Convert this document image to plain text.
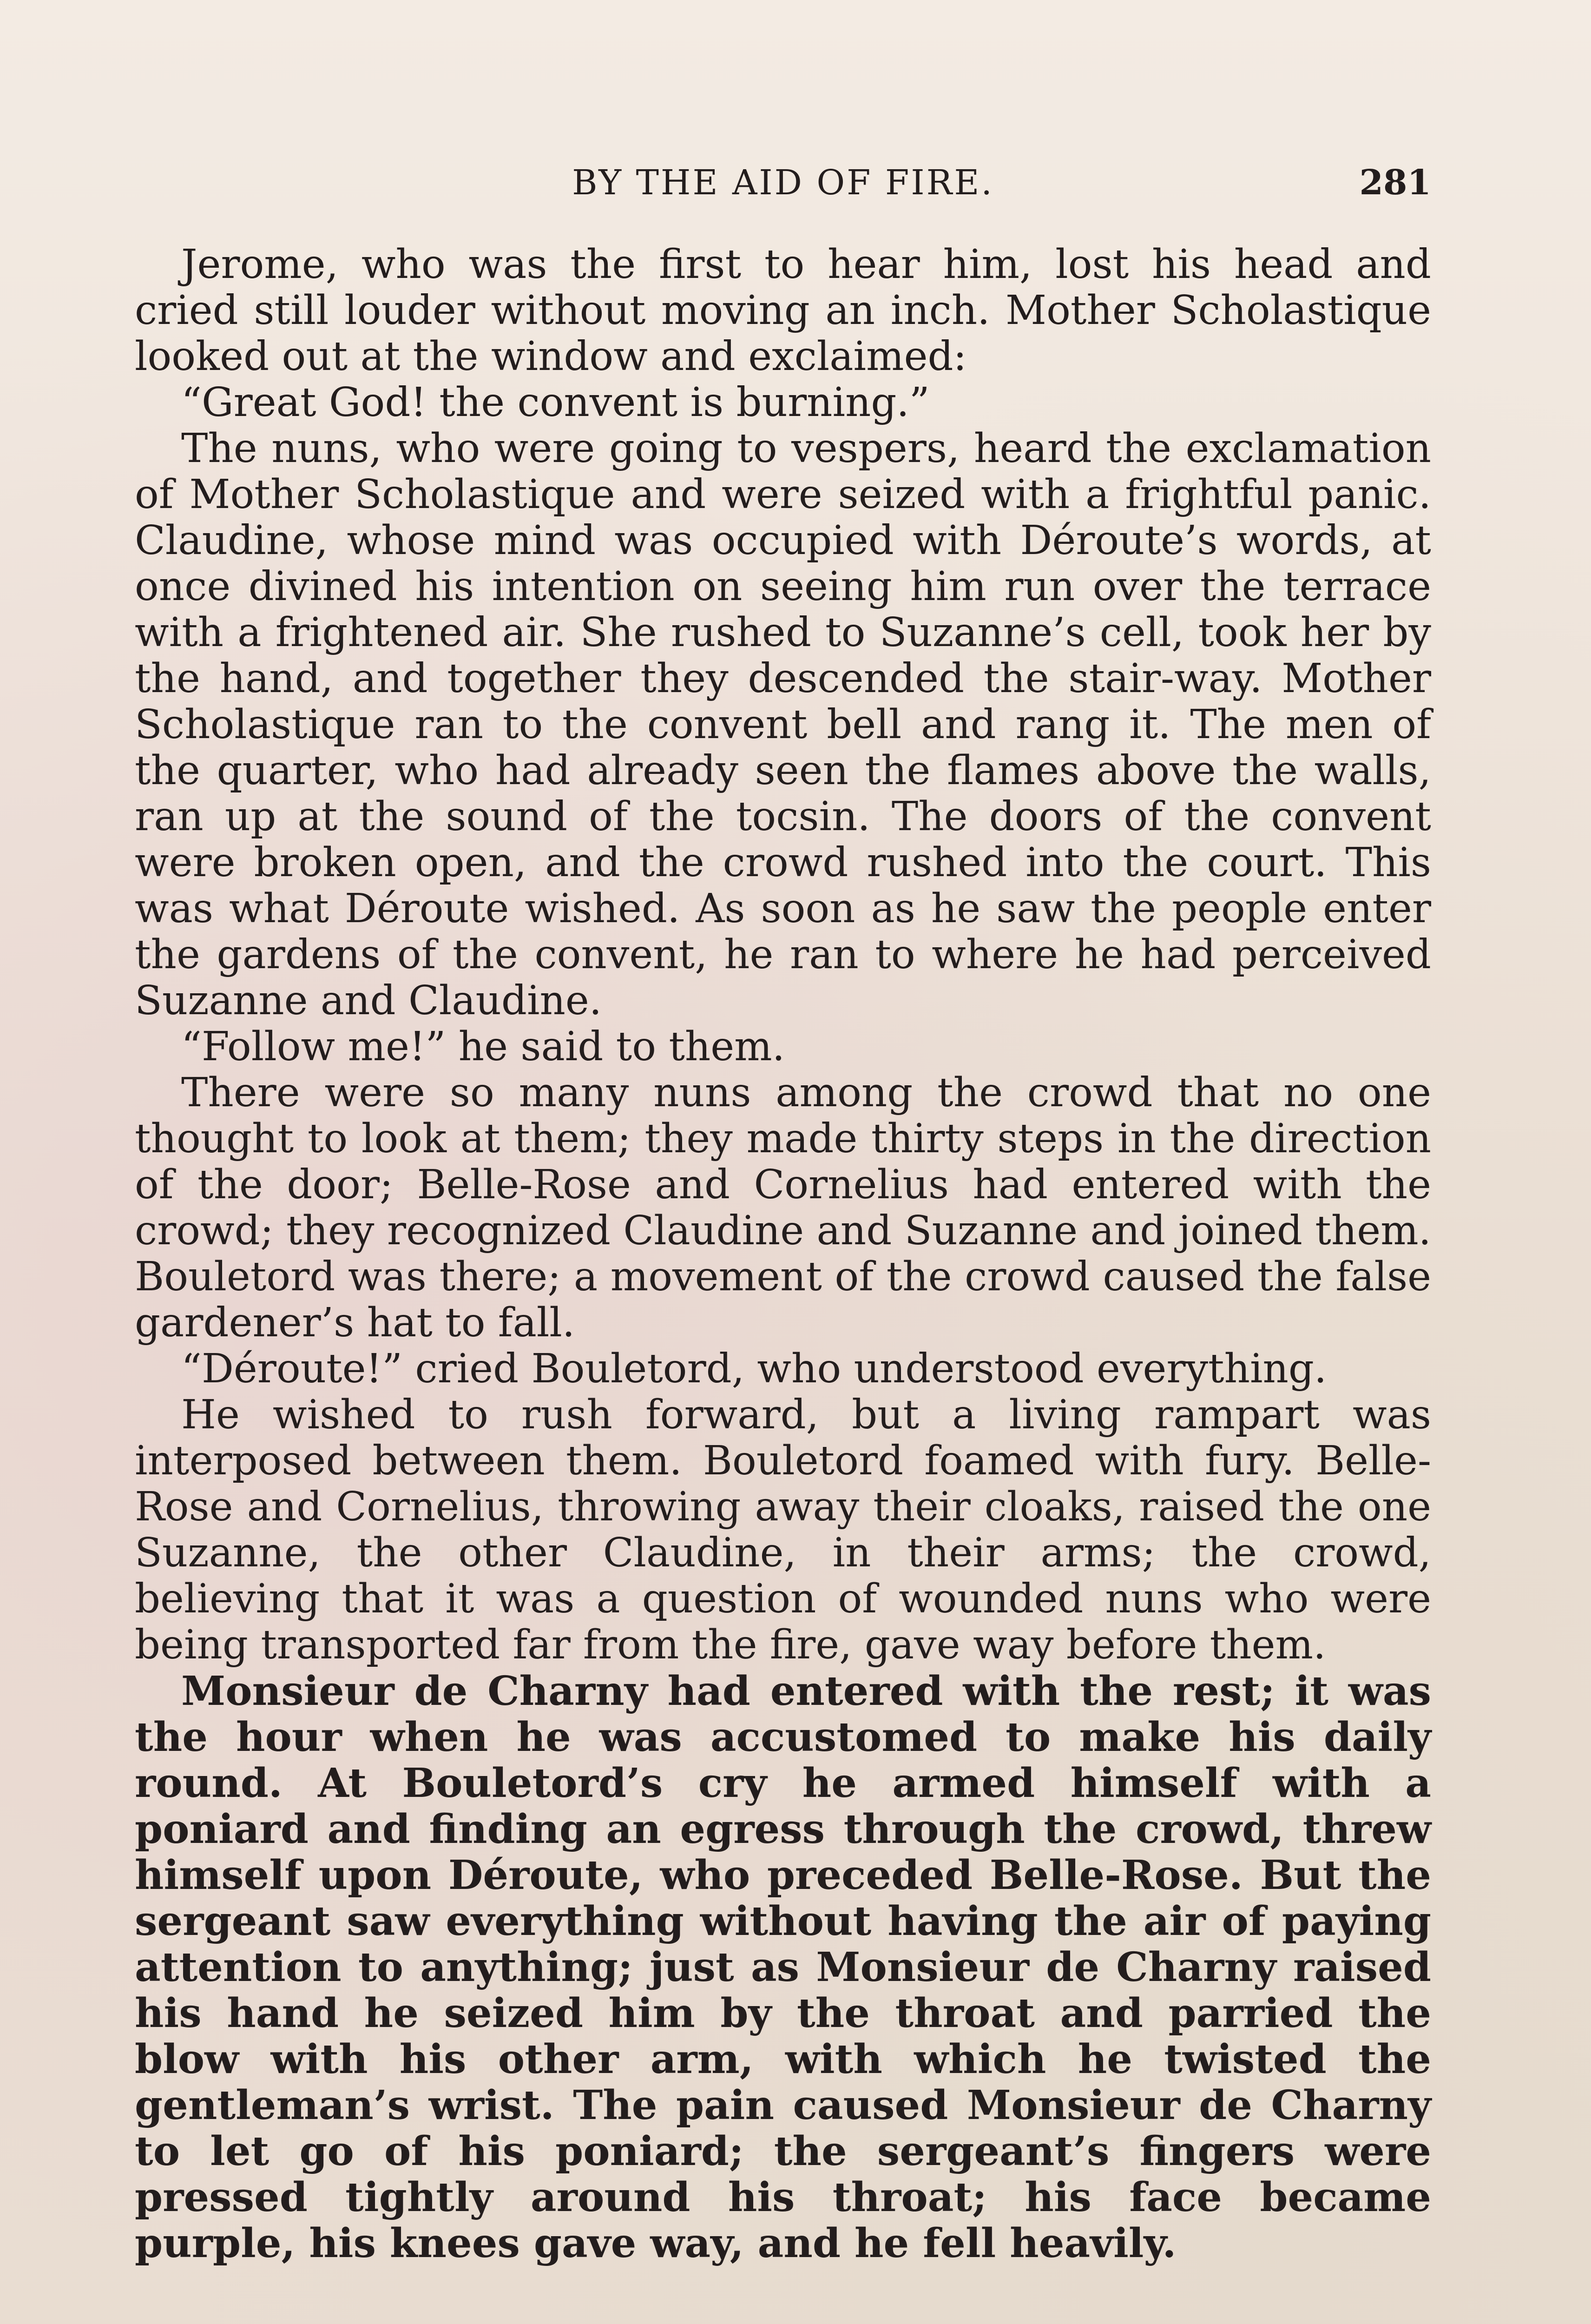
BY THE AID OF FIRE.	281

Jerome, who was the first to hear him, lost his head and cried still louder without moving an inch. Mother Scholastique looked out at the window and exclaimed:

“Great God! the convent is burning.”

The nuns, who were going to vespers, heard the exclamation of Mother Scholastique and were seized with a frightful panic. Claudine, whose mind was occupied with Déroute’s words, at once divined his intention on seeing him run over the terrace with a frightened air. She rushed to Suzanne’s cell, took her by the hand, and together they descended the stair-way. Mother Scholastique ran to the convent bell and rang it. The men of the quarter, who had already seen the flames above the walls, ran up at the sound of the tocsin. The doors of the convent were broken open, and the crowd rushed into the court. This was what Déroute wished. As soon as he saw the people enter the gardens of the convent, he ran to where he had perceived Suzanne and Claudine.

“Follow me!” he said to them.

There were so many nuns among the crowd that no one thought to look at them; they made thirty steps in the direction of the door; Belle-Rose and Cornelius had entered with the crowd; they recognized Claudine and Suzanne and joined them. Bouletord was there; a movement of the crowd caused the false gardener’s hat to fall.

“Déroute!” cried Bouletord, who understood everything.

He wished to rush forward, but a living rampart was interposed between them. Bouletord foamed with fury. Belle-Rose and Cornelius, throwing away their cloaks, raised the one Suzanne, the other Claudine, in their arms; the crowd, believing that it was a question of wounded nuns who were being transported far from the fire, gave way before them.

Monsieur de Charny had entered with the rest; it was the hour when he was accustomed to make his daily round. At Bouletord’s cry he armed himself with a poniard and finding an egress through the crowd, threw himself upon Déroute, who preceded Belle-Rose. But the sergeant saw everything without having the air of paying attention to anything; just as Monsieur de Charny raised his hand he seized him by the throat and parried the blow with his other arm, with which he twisted the gentleman’s wrist. The pain caused Monsieur de Charny to let go of his poniard; the sergeant’s fingers were pressed tightly around his throat; his face became purple, his knees gave way, and he fell heavily.
